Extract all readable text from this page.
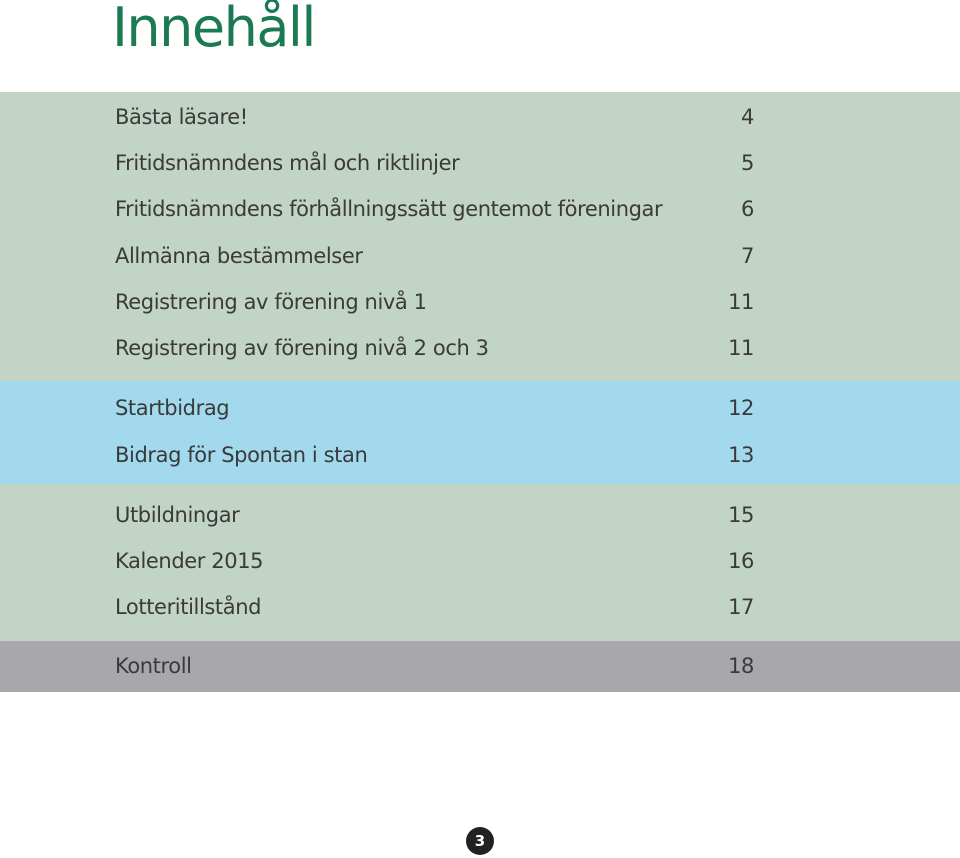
Innehåll
Bästa läsare!	4
Fritidsnämndens mål och riktlinjer	5
Fritidsnämndens förhållningssätt gentemot föreningar	6
Allmänna bestämmelser	7
Registrering av förening nivå 1	11
Registrering av förening nivå 2 och 3	11
Startbidrag	12
Bidrag för Spontan i stan	13
Utbildningar	15
Kalender 2015	16
Lotteritillstånd	17
Kontroll	18
3
